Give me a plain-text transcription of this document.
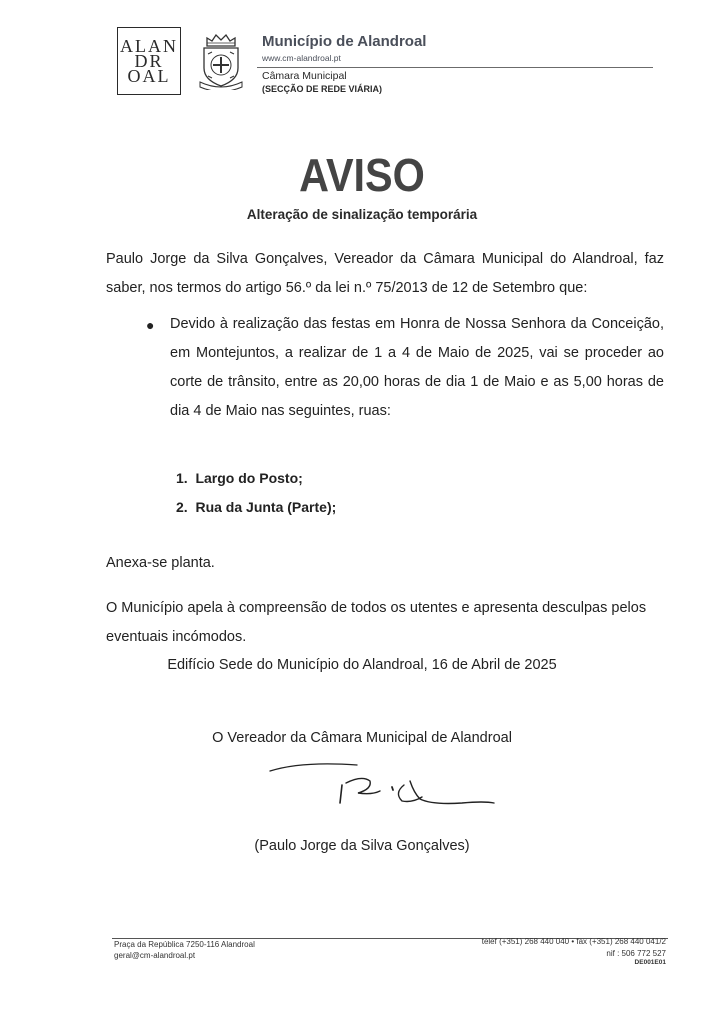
ALAN
DR
OAL
Município de Alandroal
www.cm-alandroal.pt
Câmara Municipal
(SECÇÃO DE REDE VIÁRIA)
AVISO
Alteração de sinalização temporária
Paulo Jorge da Silva Gonçalves, Vereador da Câmara Municipal do Alandroal, faz saber, nos termos do artigo 56.º da lei n.º 75/2013 de 12 de Setembro que:
● Devido à realização das festas em Honra de Nossa Senhora da Conceição, em Montejuntos, a realizar de 1 a 4 de Maio de 2025, vai se proceder ao corte de trânsito, entre as 20,00 horas de dia 1 de Maio e as 5,00 horas de dia 4 de Maio nas seguintes, ruas:
1. Largo do Posto;
2. Rua da Junta (Parte);
Anexa-se planta.
O Município apela à compreensão de todos os utentes e apresenta desculpas pelos eventuais incómodos.
Edifício Sede do Município do Alandroal, 16 de Abril de 2025
O Vereador da Câmara Municipal de Alandroal
(Paulo Jorge da Silva Gonçalves)
Praça da República 7250-116 Alandroal
geral@cm-alandroal.pt
telef (+351) 268 440 040 • fax (+351) 268 440 041/2
nif : 506 772 527
DE001E01
